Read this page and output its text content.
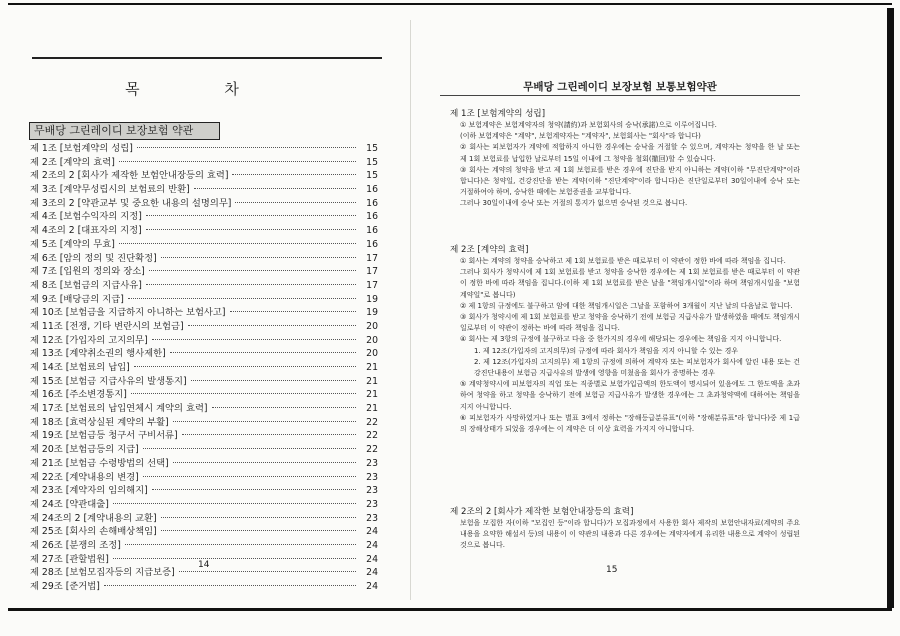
목 차
무배당 그린레이디 보장보험 약관
제 1조 [보험계약의 성립]	15
제 2조 [계약의 효력]	15
제 2조의 2 [회사가 제작한 보험안내장등의 효력]	15
제 3조 [계약무성립시의 보험료의 반환]	16
제 3조의 2 [약관교부 및 중요한 내용의 설명의무]	16
제 4조 [보험수익자의 지정]	16
제 4조의 2 [대표자의 지정]	16
제 5조 [계약의 무효]	16
제 6조 [암의 정의 및 진단확정]	17
제 7조 [입원의 정의와 장소]	17
제 8조 [보험금의 지급사유]	17
제 9조 [배당금의 지급]	19
제 10조 [보험금을 지급하지 아니하는 보험사고]	19
제 11조 [전쟁, 기타 변란시의 보험금]	20
제 12조 [가입자의 고지의무]	20
제 13조 [계약취소권의 행사제한]	20
제 14조 [보험료의 납입]	21
제 15조 [보험금 지급사유의 발생통지]	21
제 16조 [주소변경통지]	21
제 17조 [보험료의 납입연체시 계약의 효력]	21
제 18조 [효력상실된 계약의 부활]	22
제 19조 [보험금등 청구서 구비서류]	22
제 20조 [보험금등의 지급]	22
제 21조 [보험금 수령방법의 선택]	23
제 22조 [계약내용의 변경]	23
제 23조 [계약자의 임의해지]	23
제 24조 [약관대출]	23
제 24조의 2 [계약내용의 교환]	23
제 25조 [회사의 손해배상책임]	24
제 26조 [분쟁의 조정]	24
제 27조 [관할법원]	24
제 28조 [보험모집자등의 지급보증]	24
제 29조 [준거법]	24
14
무배당 그린레이디 보장보험 보통보험약관
제 1조 [보험계약의 성립]
① 보험계약은 보험계약자의 청약(請約)과 보험회사의 승낙(承諾)으로 이루어집니다.
(이하 보험계약은 "계약", 보험계약자는 "계약자", 보험회사는 "회사"라 합니다)
② 회사는 피보험자가 계약에 적합하지 아니한 경우에는 승낙을 거절할 수 있으며, 계약자는 청약을 한 날 또는 제 1회 보험료를 납입한 날로부터 15일 이내에 그 청약을 철회(撤回)할 수 있습니다.
③ 회사는 계약의 청약을 받고 제 1회 보험료를 받은 경우에 진단을 받지 아니하는 계약(이하 "무진단계약"이라 합니다)은 청약일, 건강진단을 받는 계약(이하 "진단계약"이라 합니다)은 진단일로부터 30일이내에 승낙 또는 거절하여야 하며, 승낙한 때에는 보험증권을 교부합니다.
그러나 30일이내에 승낙 또는 거절의 통지가 없으면 승낙된 것으로 봅니다.
제 2조 [계약의 효력]
① 회사는 계약의 청약을 승낙하고 제 1회 보험료를 받은 때로부터 이 약관이 정한 바에 따라 책임을 집니다.
그러나 회사가 청약시에 제 1회 보험료를 받고 청약을 승낙한 경우에는 제 1회 보험료를 받은 때로부터 이 약관이 정한 바에 따라 책임을 집니다.(이하 제 1회 보험료를 받은 날을 "책임개시일"이라 하며 책임개시일을 "보험계약일"로 봅니다)
② 제 1항의 규정에도 불구하고 암에 대한 책임개시일은 그날을 포함하여 3개월이 지난 날의 다음날로 합니다.
③ 회사가 청약시에 제 1회 보험료를 받고 청약을 승낙하기 전에 보험금 지급사유가 발생하였을 때에도 책임개시일로부터 이 약관이 정하는 바에 따라 책임을 집니다.
④ 회사는 제 3항의 규정에 불구하고 다음 중 한가지의 경우에 해당되는 경우에는 책임을 지지 아니합니다.
1. 제 12조(가입자의 고지의무)의 규정에 따라 회사가 책임을 지지 아니할 수 있는 경우
2. 제 12조(가입자의 고지의무) 제 1항의 규정에 의하여 계약자 또는 피보험자가 회사에 알린 내용 또는 건강진단내용이 보험금 지급사유의 발생에 영향을 미쳤음을 회사가 증명하는 경우
⑤ 계약청약시에 피보험자의 직업 또는 직종별로 보험가입금액의 한도액이 명시되어 있음에도 그 한도액을 초과하여 청약을 하고 청약을 승낙하기 전에 보험금 지급사유가 발생한 경우에는 그 초과청약액에 대하여는 책임을 지지 아니합니다.
⑥ 피보험자가 사망하였거나 또는 별표 3에서 정하는 "장해등급분류표"(이하 "장해분류표"라 합니다)중 제 1급의 장해상태가 되었을 경우에는 이 계약은 더 이상 효력을 가지지 아니합니다.
제 2조의 2 [회사가 제작한 보험안내장등의 효력]
보험을 모집한 자(이하 "모집인 등"이라 합니다)가 모집과정에서 사용한 회사 제작의 보험안내자료(계약의 주요내용을 요약한 해설서 등)의 내용이 이 약관의 내용과 다른 경우에는 계약자에게 유리한 내용으로 계약이 성립된 것으로 봅니다.
15
